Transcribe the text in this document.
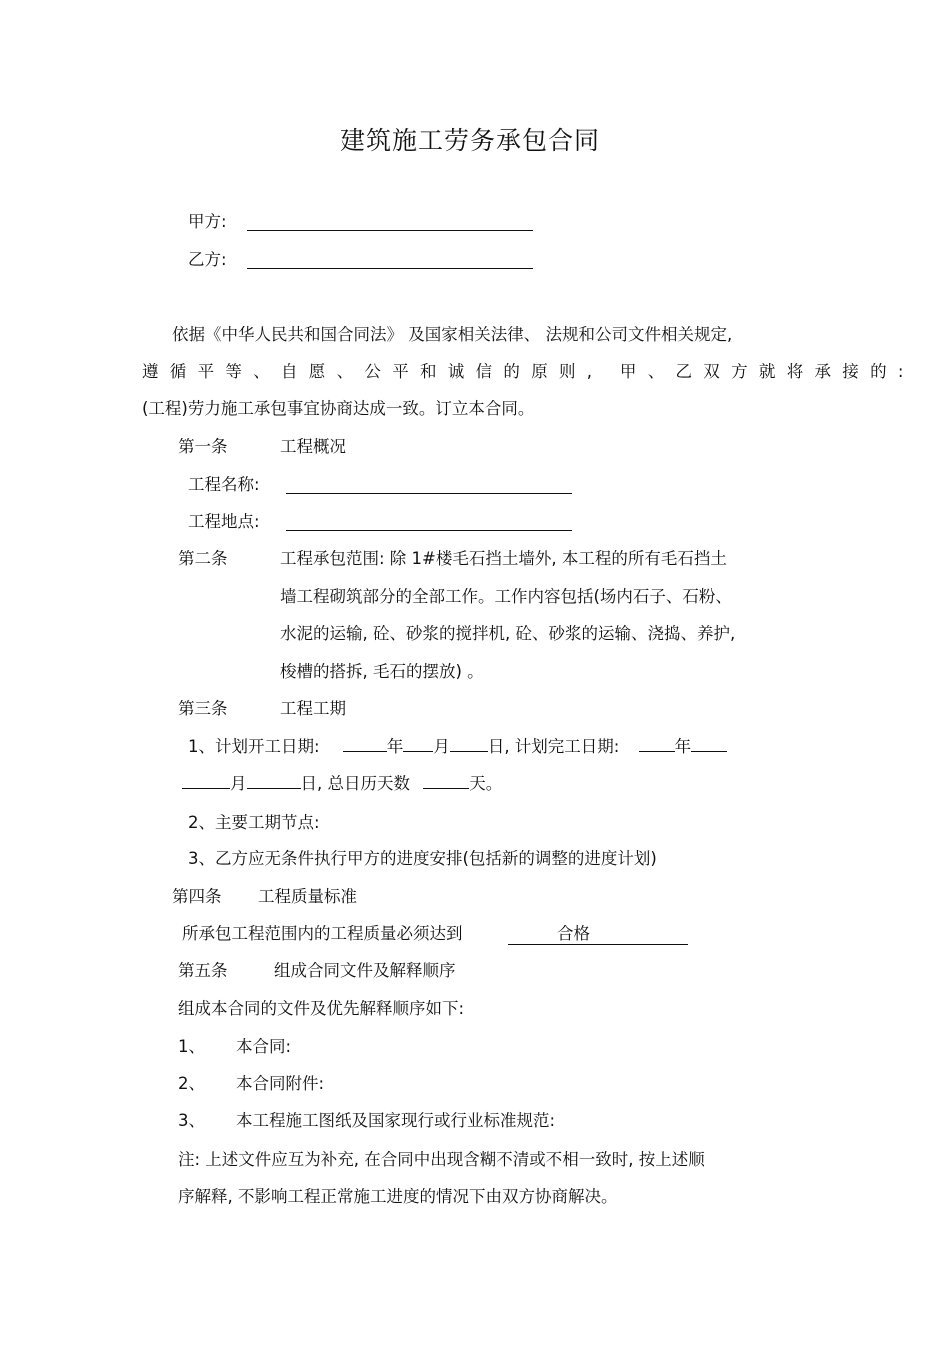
建筑施工劳务承包合同
甲方:
乙方:
依据《中华人民共和国合同法》 及国家相关法律、 法规和公司文件相关规定,
遵循平等、自愿、公平和诚信的原则, 甲、乙双方就将承接的:
(工程)劳力施工承包事宜协商达成一致。订立本合同。
第一条	工程概况
工程名称:
工程地点:
第二条	工程承包范围: 除 1#楼毛石挡土墙外, 本工程的所有毛石挡土
墙工程砌筑部分的全部工作。工作内容包括(场内石子、石粉、
水泥的运输, 砼、砂浆的搅拌机, 砼、砂浆的运输、浇捣、养护,
梭槽的搭拆, 毛石的摆放) 。
第三条	工程工期
1、计划开工日期:	年 月 日, 计划完工日期:	年
月	日, 总日历天数	天。
2、主要工期节点:
3、乙方应无条件执行甲方的进度安排(包括新的调整的进度计划)
第四条 工程质量标准
所承包工程范围内的工程质量必须达到	合格
第五条	组成合同文件及解释顺序
组成本合同的文件及优先解释顺序如下:
1、 本合同:
2、 本合同附件:
3、 本工程施工图纸及国家现行或行业标准规范:
注: 上述文件应互为补充, 在合同中出现含糊不清或不相一致时, 按上述顺
序解释, 不影响工程正常施工进度的情况下由双方协商解决。
